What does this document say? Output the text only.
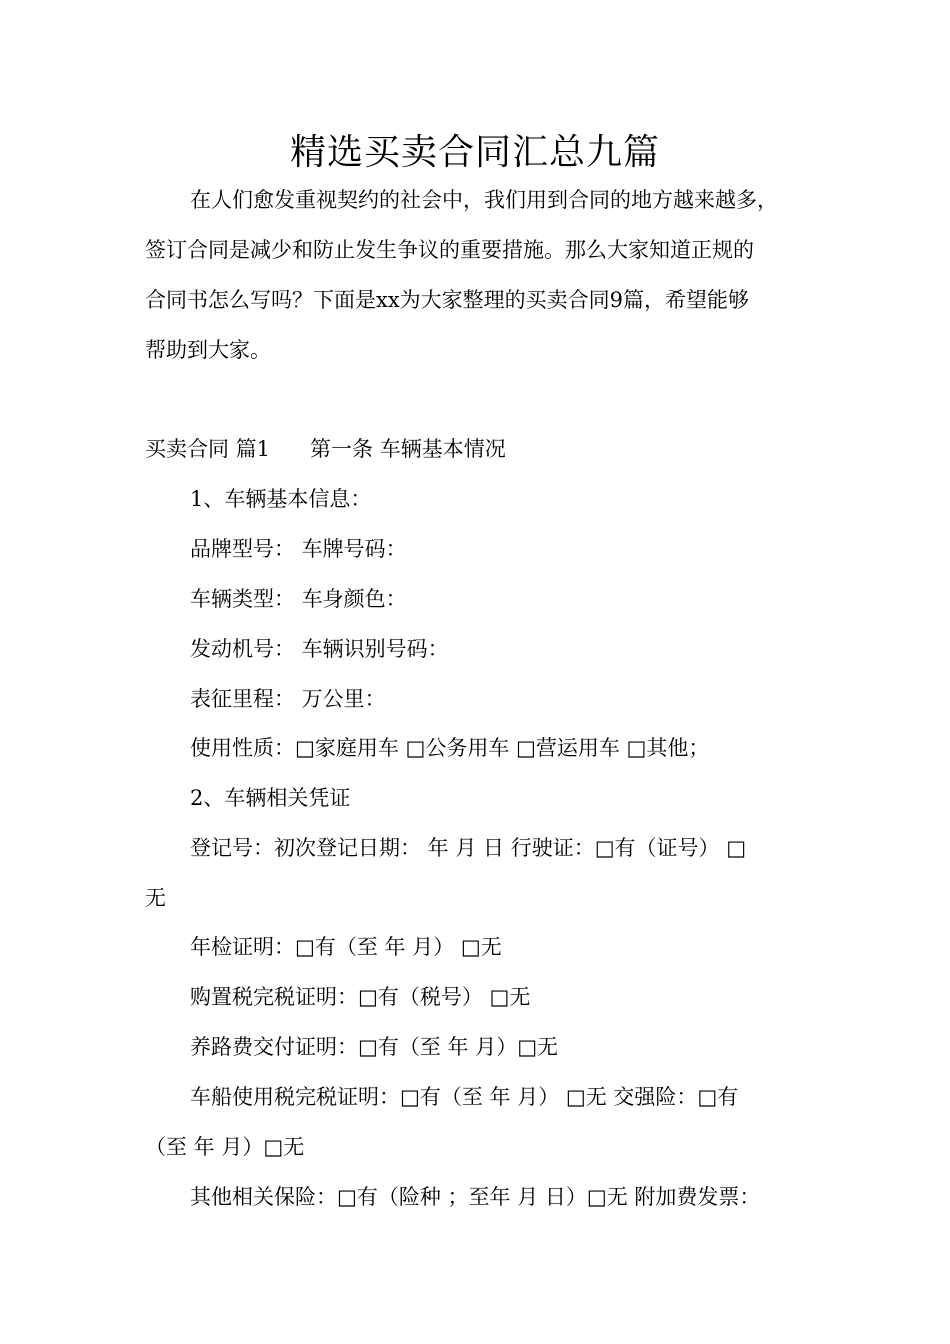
精选买卖合同汇总九篇
在人们愈发重视契约的社会中，我们用到合同的地方越来越多，
签订合同是减少和防止发生争议的重要措施。那么大家知道正规的
合同书怎么写吗？下面是xx为大家整理的买卖合同9篇，希望能够
帮助到大家。
买卖合同 篇1 第一条 车辆基本情况
1、车辆基本信息：
品牌型号： 车牌号码：
车辆类型： 车身颜色：
发动机号： 车辆识别号码：
表征里程： 万公里：
使用性质：□家庭用车 □公务用车 □营运用车 □其他；
2、车辆相关凭证
登记号：初次登记日期： 年 月 日 行驶证：□有（证号） □
无
年检证明：□有（至 年 月） □无
购置税完税证明：□有（税号） □无
养路费交付证明：□有（至 年 月）□无
车船使用税完税证明：□有（至 年 月） □无 交强险：□有
（至 年 月）□无
其他相关保险：□有（险种 ；至年 月 日）□无 附加费发票：
